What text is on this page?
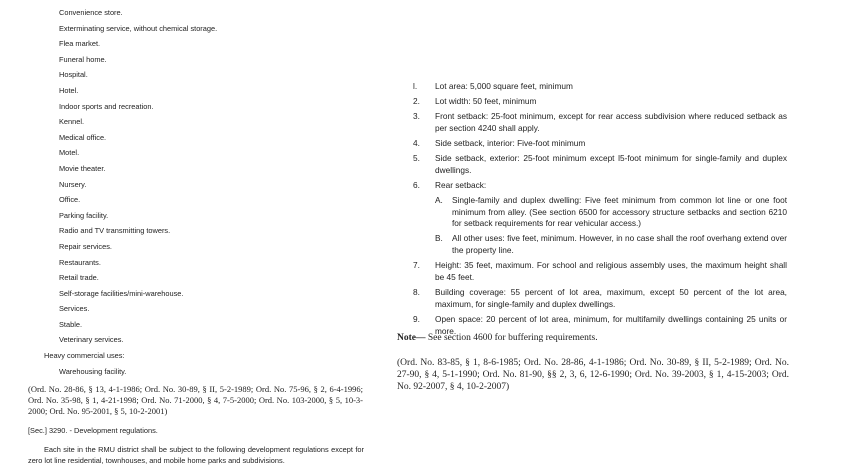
Convenience store.
Exterminating service, without chemical storage.
Flea market.
Funeral home.
Hospital.
Hotel.
Indoor sports and recreation.
Kennel.
Medical office.
Motel.
Movie theater.
Nursery.
Office.
Parking facility.
Radio and TV transmitting towers.
Repair services.
Restaurants.
Retail trade.
Self-storage facilities/mini-warehouse.
Services.
Stable.
Veterinary services.
Heavy commercial uses:
Warehousing facility.

(Ord. No. 28-86, § 13, 4-1-1986; Ord. No. 30-89, § II, 5-2-1989; Ord. No. 75-96, § 2, 6-4-1996; Ord. No. 35-98, § 1, 4-21-1998; Ord. No. 71-2000, § 4, 7-5-2000; Ord. No. 103-2000, § 5, 10-3-2000; Ord. No. 95-2001, § 5, 10-2-2001)

[Sec.] 3290. - Development regulations.

Each site in the RMU district shall be subject to the following development regulations except for zero lot line residential, townhouses, and mobile home parks and subdivisions.

l.	Lot area: 5,000 square feet, minimum
2.	Lot width: 50 feet, minimum
3.	Front setback: 25-foot minimum, except for rear access subdivision where reduced setback as per section 4240 shall apply.
4.	Side setback, interior: Five-foot minimum
5.	Side setback, exterior: 25-foot minimum except l5-foot minimum for single-family and duplex dwellings.
6.	Rear setback:
A.	Single-family and duplex dwelling: Five feet minimum from common lot line or one foot minimum from alley. (See section 6500 for accessory structure setbacks and section 6210 for setback requirements for rear vehicular access.)
B.	All other uses: five feet, minimum. However, in no case shall the roof overhang extend over the property line.
7.	Height: 35 feet, maximum. For school and religious assembly uses, the maximum height shall be 45 feet.
8.	Building coverage: 55 percent of lot area, maximum, except 50 percent of the lot area, maximum, for single-family and duplex dwellings.
9.	Open space: 20 percent of lot area, minimum, for multifamily dwellings containing 25 units or more.

Note— See section 4600 for buffering requirements.

(Ord. No. 83-85, § 1, 8-6-1985; Ord. No. 28-86, 4-1-1986; Ord. No. 30-89, § II, 5-2-1989; Ord. No. 27-90, § 4, 5-1-1990; Ord. No. 81-90, §§ 2, 3, 6, 12-6-1990; Ord. No. 39-2003, § 1, 4-15-2003; Ord. No. 92-2007, § 4, 10-2-2007)
